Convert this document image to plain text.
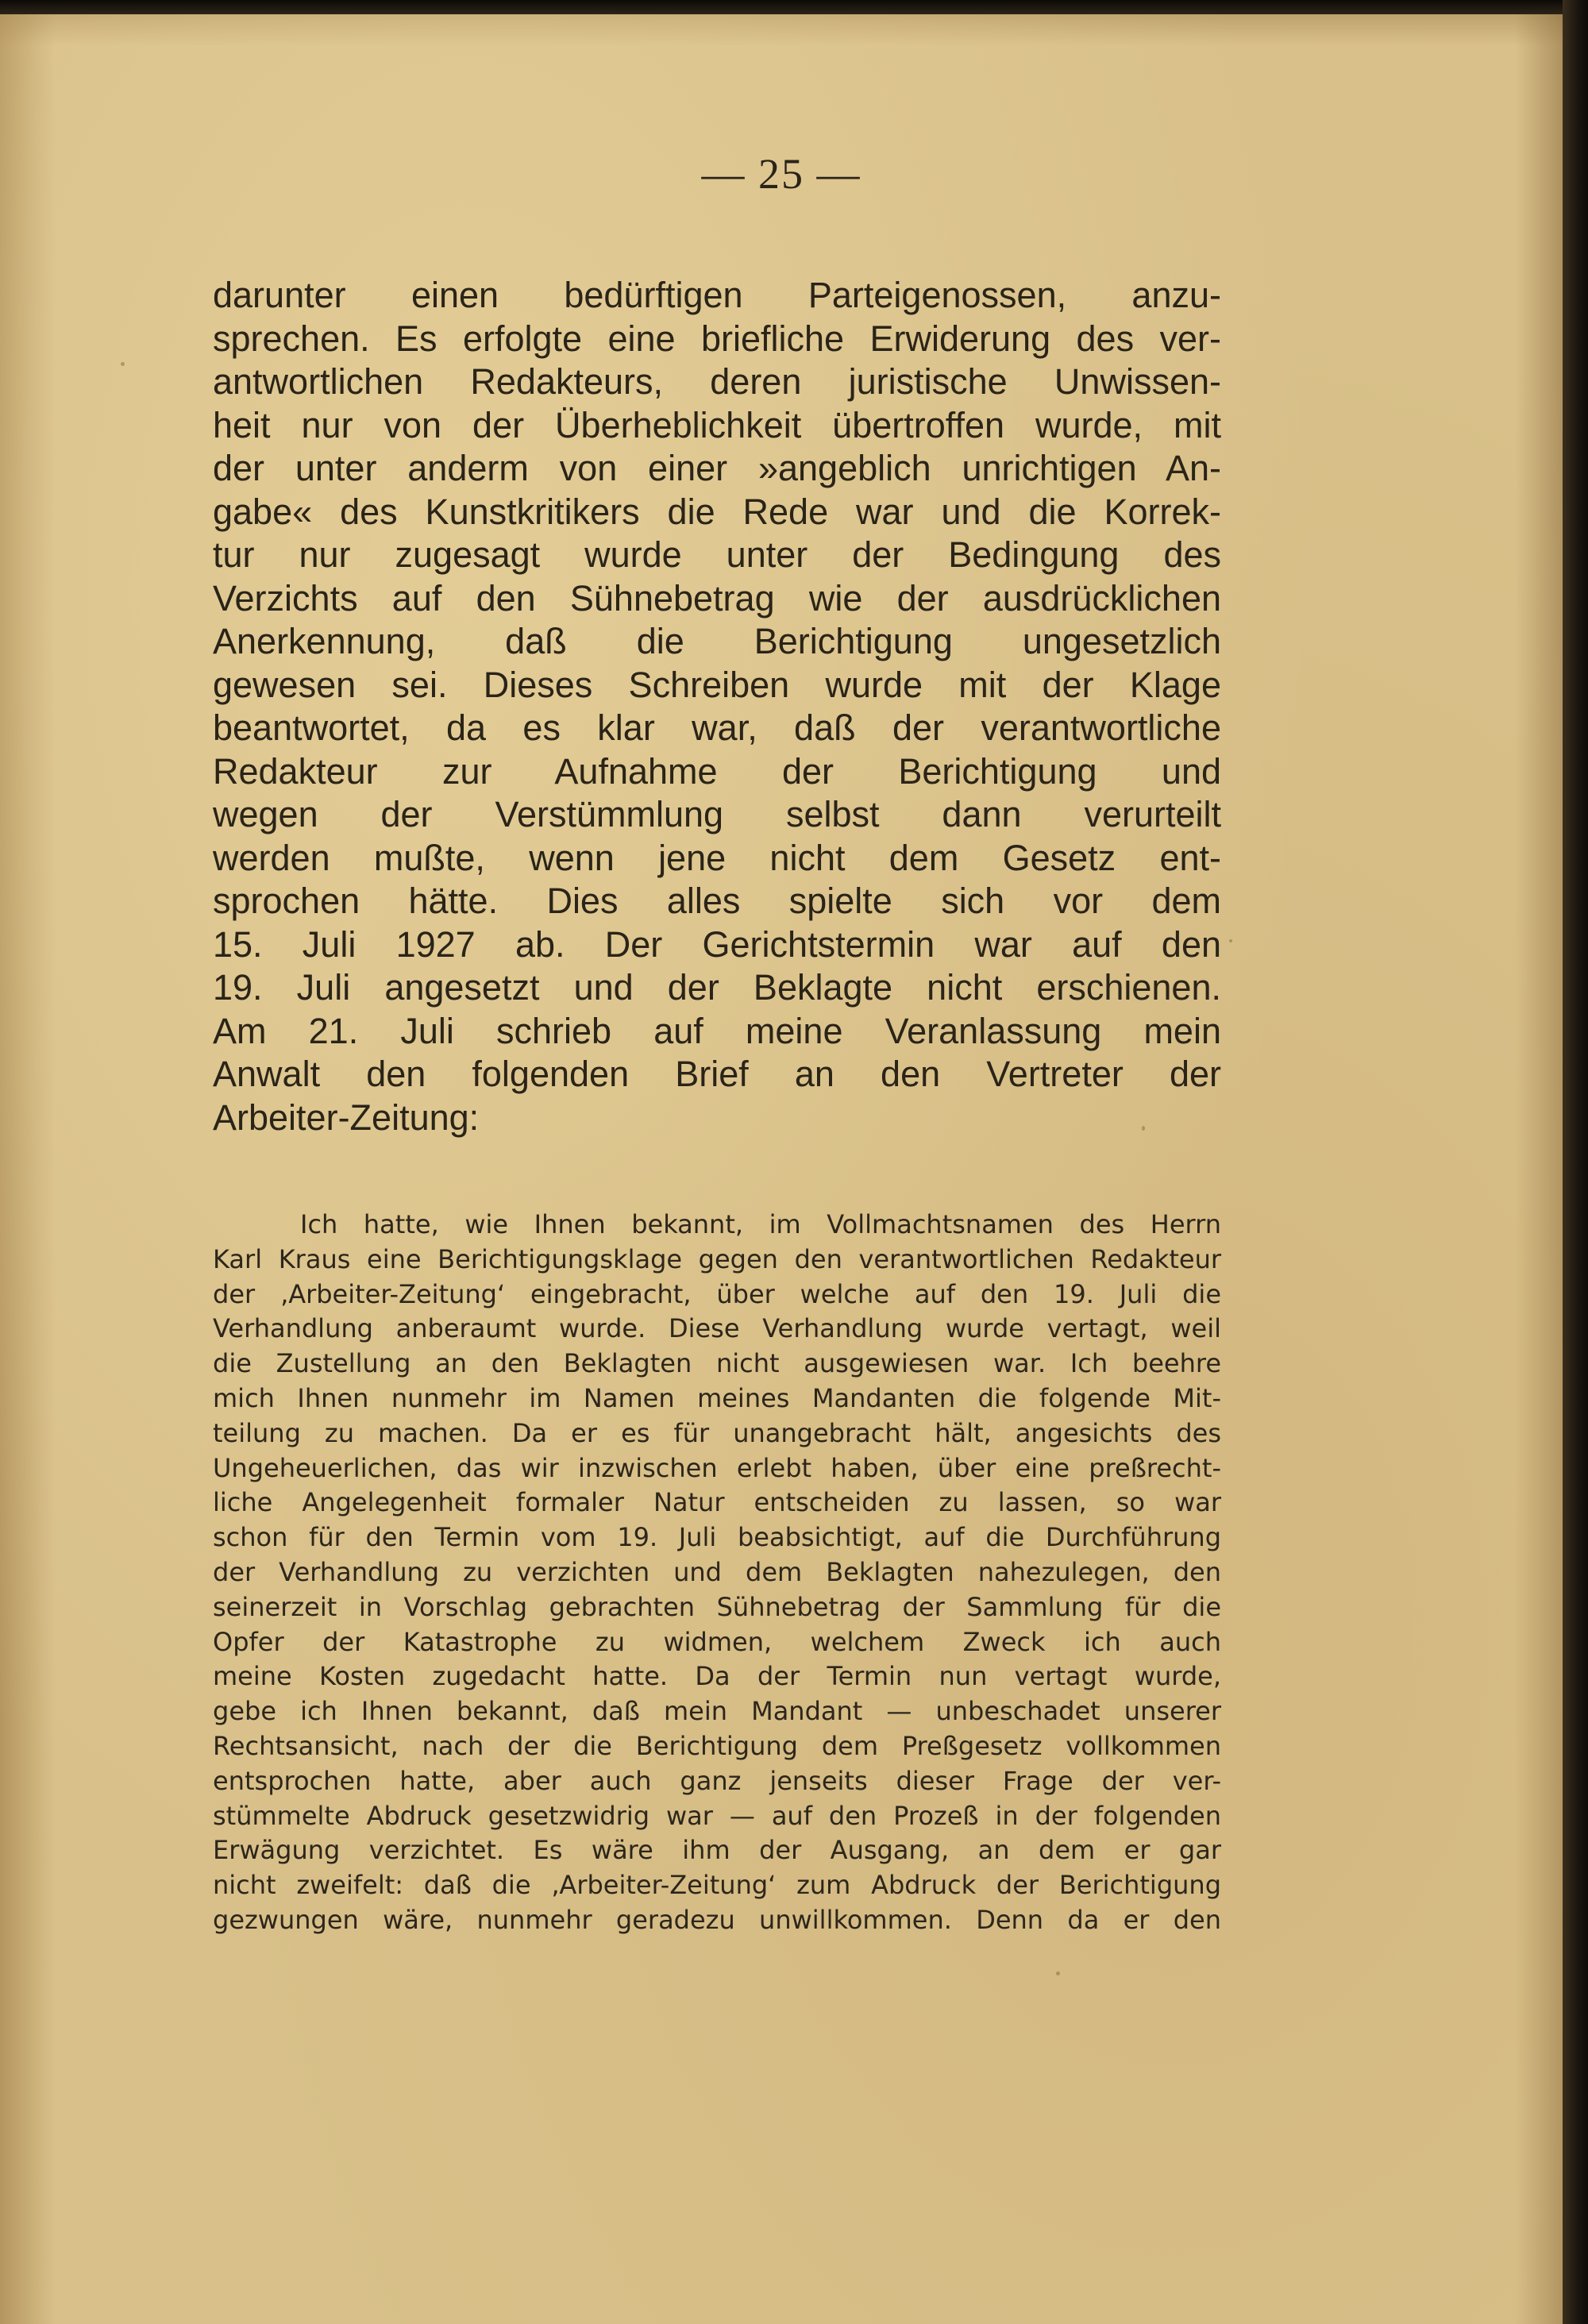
— 25 —
darunter einen bedürftigen Parteigenossen, anzu-
sprechen. Es erfolgte eine briefliche Erwiderung des ver-
antwortlichen Redakteurs, deren juristische Unwissen-
heit nur von der Überheblichkeit übertroffen wurde, mit
der unter anderm von einer »angeblich unrichtigen An-
gabe« des Kunstkritikers die Rede war und die Korrek-
tur nur zugesagt wurde unter der Bedingung des
Verzichts auf den Sühnebetrag wie der ausdrücklichen
Anerkennung, daß die Berichtigung ungesetzlich
gewesen sei. Dieses Schreiben wurde mit der Klage
beantwortet, da es klar war, daß der verantwortliche
Redakteur zur Aufnahme der Berichtigung und
wegen der Verstümmlung selbst dann verurteilt
werden mußte, wenn jene nicht dem Gesetz ent-
sprochen hätte. Dies alles spielte sich vor dem
15. Juli 1927 ab. Der Gerichtstermin war auf den
19. Juli angesetzt und der Beklagte nicht erschienen.
Am 21. Juli schrieb auf meine Veranlassung mein
Anwalt den folgenden Brief an den Vertreter der
Arbeiter-Zeitung:
Ich hatte, wie Ihnen bekannt, im Vollmachtsnamen des Herrn
Karl Kraus eine Berichtigungsklage gegen den verantwortlichen Redakteur
der ‚Arbeiter-Zeitung‘ eingebracht, über welche auf den 19. Juli die
Verhandlung anberaumt wurde. Diese Verhandlung wurde vertagt, weil
die Zustellung an den Beklagten nicht ausgewiesen war. Ich beehre
mich Ihnen nunmehr im Namen meines Mandanten die folgende Mit-
teilung zu machen. Da er es für unangebracht hält, angesichts des
Ungeheuerlichen, das wir inzwischen erlebt haben, über eine preßrecht-
liche Angelegenheit formaler Natur entscheiden zu lassen, so war
schon für den Termin vom 19. Juli beabsichtigt, auf die Durchführung
der Verhandlung zu verzichten und dem Beklagten nahezulegen, den
seinerzeit in Vorschlag gebrachten Sühnebetrag der Sammlung für die
Opfer der Katastrophe zu widmen, welchem Zweck ich auch
meine Kosten zugedacht hatte. Da der Termin nun vertagt wurde,
gebe ich Ihnen bekannt, daß mein Mandant — unbeschadet unserer
Rechtsansicht, nach der die Berichtigung dem Preßgesetz vollkommen
entsprochen hatte, aber auch ganz jenseits dieser Frage der ver-
stümmelte Abdruck gesetzwidrig war — auf den Prozeß in der folgenden
Erwägung verzichtet. Es wäre ihm der Ausgang, an dem er gar
nicht zweifelt: daß die ‚Arbeiter-Zeitung‘ zum Abdruck der Berichtigung
gezwungen wäre, nunmehr geradezu unwillkommen. Denn da er den
